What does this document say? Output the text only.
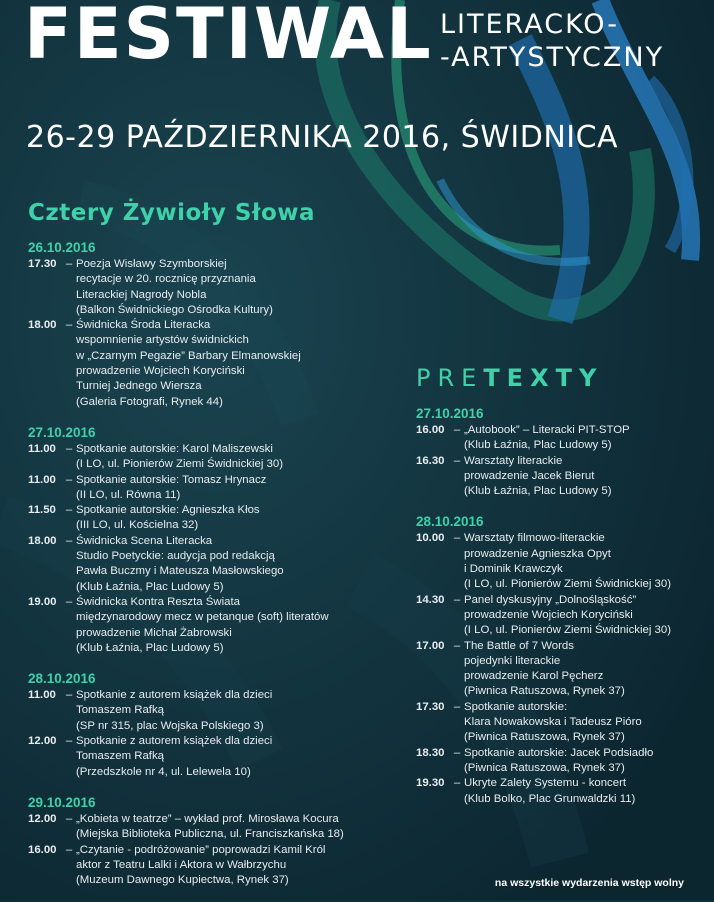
FESTIWAL LITERACKO-
-ARTYSTYCZNY
26-29 PAŹDZIERNIKA 2016, ŚWIDNICA
Cztery Żywioły Słowa
PRETEXTY
26.10.2016
17.30 – Poezja Wisławy Szymborskiej
recytacje w 20. rocznicę przyznania
Literackiej Nagrody Nobla
(Balkon Świdnickiego Ośrodka Kultury)
18.00 – Świdnicka Środa Literacka
wspomnienie artystów świdnickich
w „Czarnym Pegazie” Barbary Elmanowskiej
prowadzenie Wojciech Koryciński
Turniej Jednego Wiersza
(Galeria Fotografi, Rynek 44)
27.10.2016
11.00 – Spotkanie autorskie: Karol Maliszewski
(I LO, ul. Pionierów Ziemi Świdnickiej 30)
11.00 – Spotkanie autorskie: Tomasz Hrynacz
(II LO, ul. Równa 11)
11.50 – Spotkanie autorskie: Agnieszka Kłos
(III LO, ul. Kościelna 32)
18.00 – Świdnicka Scena Literacka
Studio Poetyckie: audycja pod redakcją
Pawła Buczmy i Mateusza Masłowskiego
(Klub Łaźnia, Plac Ludowy 5)
19.00 – Świdnicka Kontra Reszta Świata
międzynarodowy mecz w petanque (soft) literatów
prowadzenie Michał Żabrowski
(Klub Łaźnia, Plac Ludowy 5)
28.10.2016
11.00 – Spotkanie z autorem książek dla dzieci
Tomaszem Rafką
(SP nr 315, plac Wojska Polskiego 3)
12.00 – Spotkanie z autorem książek dla dzieci
Tomaszem Rafką
(Przedszkole nr 4, ul. Lelewela 10)
29.10.2016
12.00 – „Kobieta w teatrze” – wykład prof. Mirosława Kocura
(Miejska Biblioteka Publiczna, ul. Franciszkańska 18)
16.00 – „Czytanie - podróżowanie” poprowadzi Kamil Król
aktor z Teatru Lalki i Aktora w Wałbrzychu
(Muzeum Dawnego Kupiectwa, Rynek 37)
27.10.2016
16.00 – „Autobook” – Literacki PIT-STOP
(Klub Łaźnia, Plac Ludowy 5)
16.30 – Warsztaty literackie
prowadzenie Jacek Bierut
(Klub Łaźnia, Plac Ludowy 5)
28.10.2016
10.00 – Warsztaty filmowo-literackie
prowadzenie Agnieszka Opyt
i Dominik Krawczyk
(I LO, ul. Pionierów Ziemi Świdnickiej 30)
14.30 – Panel dyskusyjny „Dolnośląskość”
prowadzenie Wojciech Koryciński
(I LO, ul. Pionierów Ziemi Świdnickiej 30)
17.00 – The Battle of 7 Words
pojedynki literackie
prowadzenie Karol Pęcherz
(Piwnica Ratuszowa, Rynek 37)
17.30 – Spotkanie autorskie:
Klara Nowakowska i Tadeusz Pióro
(Piwnica Ratuszowa, Rynek 37)
18.30 – Spotkanie autorskie: Jacek Podsiadło
(Piwnica Ratuszowa, Rynek 37)
19.30 – Ukryte Zalety Systemu - koncert
(Klub Bolko, Plac Grunwaldzki 11)
na wszystkie wydarzenia wstęp wolny
